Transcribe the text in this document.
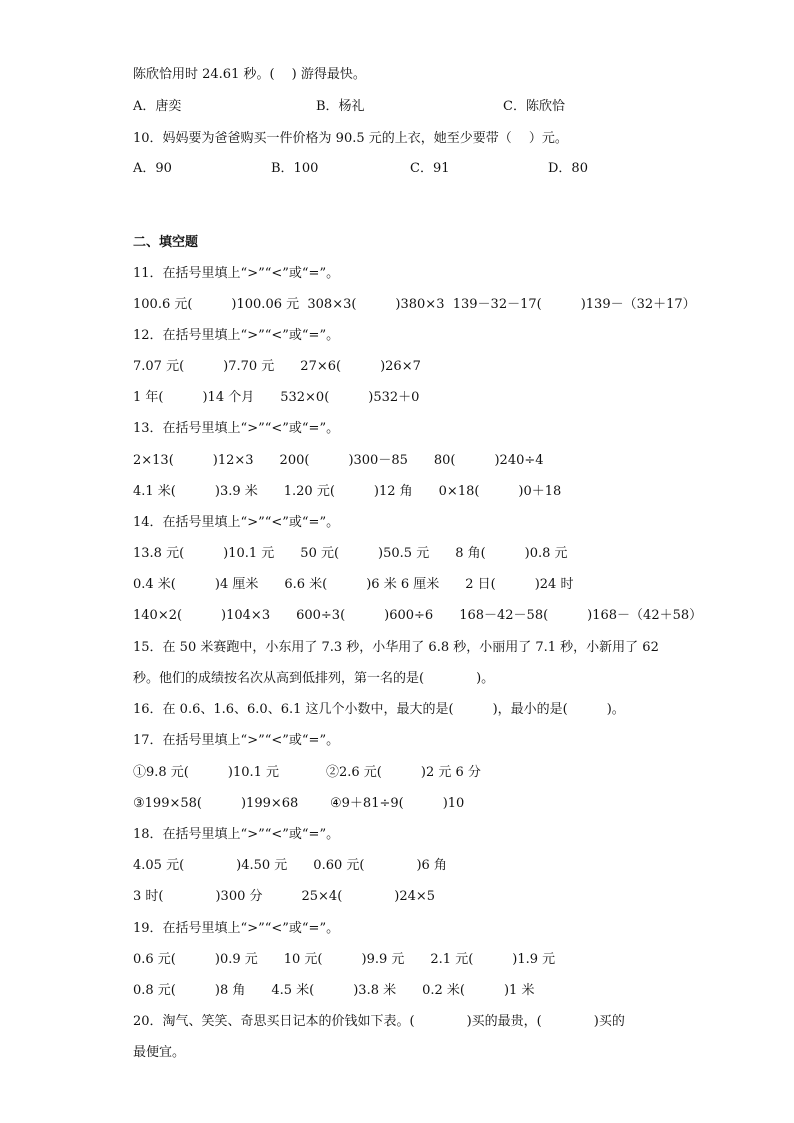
陈欣恰用时 24.61 秒。(　 ) 游得最快。

A．唐奕

	B．杨礼

	C．陈欣恰

10．妈妈要为爸爸购买一件价格为 90.5 元的上衣，她至少要带（　 ）元。

A．90

	B．100

	C．91

	D．80

二、填空题
11．在括号里填上“>”“<”或“=”。
100.6 元(　　　)100.06 元  308×3(　　　)380×3  139－32－17(　　　)139－（32＋17）
12．在括号里填上“>”“<”或“=”。
7.07 元(　　　)7.70 元　　27×6(　　　)26×7
1 年(　　　)14 个月　　532×0(　　　)532＋0
13．在括号里填上“>”“<”或“=”。
2×13(　　　)12×3　　200(　　　)300－85　　80(　　　)240÷4
4.1 米(　　　)3.9 米　　1.20 元(　　　)12 角　　0×18(　　　)0＋18
14．在括号里填上“>”“<”或“=”。
13.8 元(　　　)10.1 元　　50 元(　　　)50.5 元　　8 角(　　　)0.8 元
0.4 米(　　　)4 厘米　　6.6 米(　　　)6 米 6 厘米　　2 日(　　　)24 时
140×2(　　　)104×3　　600÷3(　　　)600÷6　　168－42－58(　　　)168－（42＋58）
15．在 50 米赛跑中，小东用了 7.3 秒，小华用了 6.8 秒，小丽用了 7.1 秒，小新用了 62
秒。他们的成绩按名次从高到低排列，第一名的是(　　　　)。
16．在 0.6、1.6、6.0、6.1 这几个小数中，最大的是(　　　)，最小的是(　　　)。
17．在括号里填上“>”“<”或“=”。

①9.8 元(　　　)10.1 元

	②2.6 元(　　　)2 元 6 分

③199×58(　　　)199×68

④9＋81÷9(　　　)10

18．在括号里填上“>”“<”或“=”。
4.05 元(　　　　)4.50 元　　0.60 元(　　　　)6 角
3 时(　　　　)300 分　　　25×4(　　　　)24×5
19．在括号里填上“>”“<”或“=”。
0.6 元(　　　)0.9 元　　10 元(　　　)9.9 元　　2.1 元(　　　)1.9 元
0.8 元(　　　)8 角　　4.5 米(　　　)3.8 米　　0.2 米(　　　)1 米
20．淘气、笑笑、奇思买日记本的价钱如下表。(　　　　)买的最贵，(　　　　)买的
最便宜。
